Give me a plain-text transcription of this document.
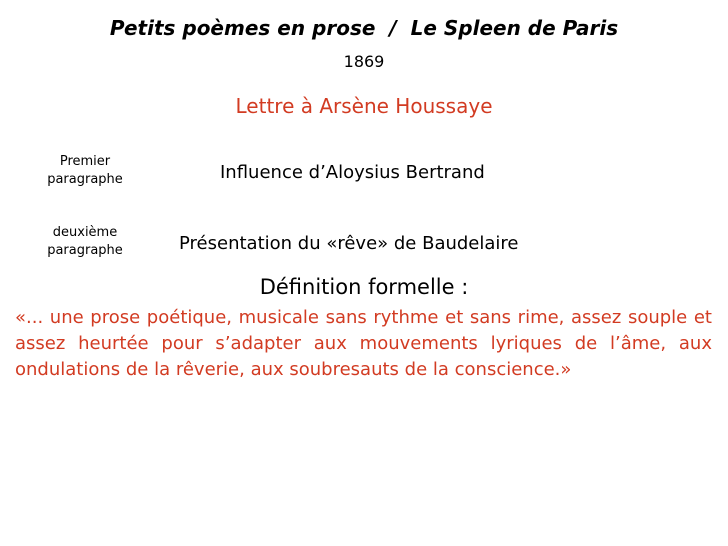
Petits poèmes en prose / Le Spleen de Paris
1869
Lettre à Arsène Houssaye
Premier paragraphe	Influence d’Aloysius Bertrand
deuxième paragraphe	Présentation du «rêve» de Baudelaire
Définition formelle :
«... une prose poétique, musicale sans rythme et sans rime, assez souple et assez heurtée pour s’adapter aux mouvements lyriques de l’âme, aux ondulations de la rêverie, aux soubresauts de la conscience.»
